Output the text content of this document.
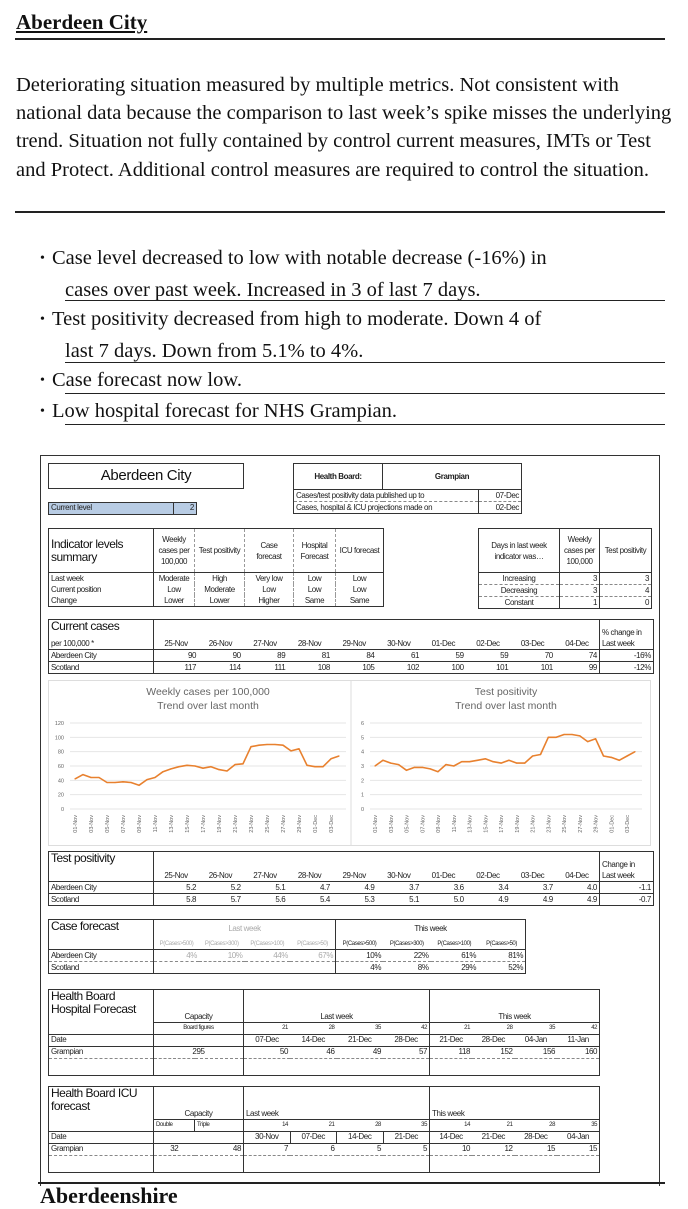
Aberdeen City
Deteriorating situation measured by multiple metrics. Not consistent with national data because the comparison to last week’s spike misses the underlying trend. Situation not fully contained by control current measures, IMTs or Test and Protect. Additional control measures are required to control the situation.
• Case level decreased to low with notable decrease (-16%) in
cases over past week. Increased in 3 of last 7 days.
• Test positivity decreased from high to moderate. Down 4 of
last 7 days. Down from 5.1% to 4%.
• Case forecast now low.
• Low hospital forecast for NHS Grampian.
Aberdeen City
Current level	2
Health Board:	Grampian	
Cases/test positivity data published up to		07-Dec
Cases, hospital & ICU projections made on		02-Dec
Indicator levels summary	Weekly cases per 100,000	Test positivity	Case forecast	Hospital Forecast	ICU forecast
Last week	Moderate	High	Very low	Low	Low
Current position	Low	Moderate	Low	Low	Low
Change	Lower	Lower	Higher	Same	Same
Days in last week indicator was…	Weekly cases per 100,000	Test positivity
Increasing	3	3
Decreasing	3	4
Constant	1	0
Current cases											% change in
per 100,000 *	25-Nov	26-Nov	27-Nov	28-Nov	29-Nov	30-Nov	01-Dec	02-Dec	03-Dec	04-Dec	Last week
Aberdeen City	90	90	89	81	84	61	59	59	70	74	-16%
Scotland	117	114	111	108	105	102	100	101	101	99	-12%
Test positivity											Change in
	25-Nov	26-Nov	27-Nov	28-Nov	29-Nov	30-Nov	01-Dec	02-Dec	03-Dec	04-Dec	Last week
Aberdeen City	5.2	5.2	5.1	4.7	4.9	3.7	3.6	3.4	3.7	4.0	-1.1
Scotland	5.8	5.7	5.6	5.4	5.3	5.1	5.0	4.9	4.9	4.9	-0.7
Case forecast	Last week				This week			
	P(Cases>500)	P(Cases>300)	P(Cases>100)	P(Cases>50)	P(Cases>500)	P(Cases>300)	P(Cases>100)	P(Cases>50)
Aberdeen City	4%	10%	44%	67%	10%	22%	61%	81%
Scotland					4%	8%	29%	52%
Health Board Hospital Forecast	Capacity	Last week				This week			
	Board figures	21	28	35	42	21	28	35	42
Date		07-Dec	14-Dec	21-Dec	28-Dec	21-Dec	28-Dec	04-Jan	11-Jan
Grampian	295	50	46	49	57	118	152	156	160

Health Board ICU forecast	Capacity		Last week				This week			
	Double	Triple	14	21	28	35	14	21	28	35
Date			30-Nov	07-Dec	14-Dec	21-Dec	14-Dec	21-Dec	28-Dec	04-Jan
Grampian	32	48	7	6	5	5	10	12	15	15

Weekly cases per 100,000
Trend over last month
0
20
40
60
80
100
120
01-Nov 03-Nov 05-Nov 07-Nov 09-Nov 11-Nov 13-Nov 15-Nov 17-Nov 19-Nov 21-Nov 23-Nov 25-Nov 27-Nov 29-Nov 01-Dec 03-Dec
Test positivity
Trend over last month
0
1
2
3
4
5
6
01-Nov 03-Nov 05-Nov 07-Nov 09-Nov 11-Nov 13-Nov 15-Nov 17-Nov 19-Nov 21-Nov 23-Nov 25-Nov 27-Nov 29-Nov 01-Dec 03-Dec
Aberdeenshire
